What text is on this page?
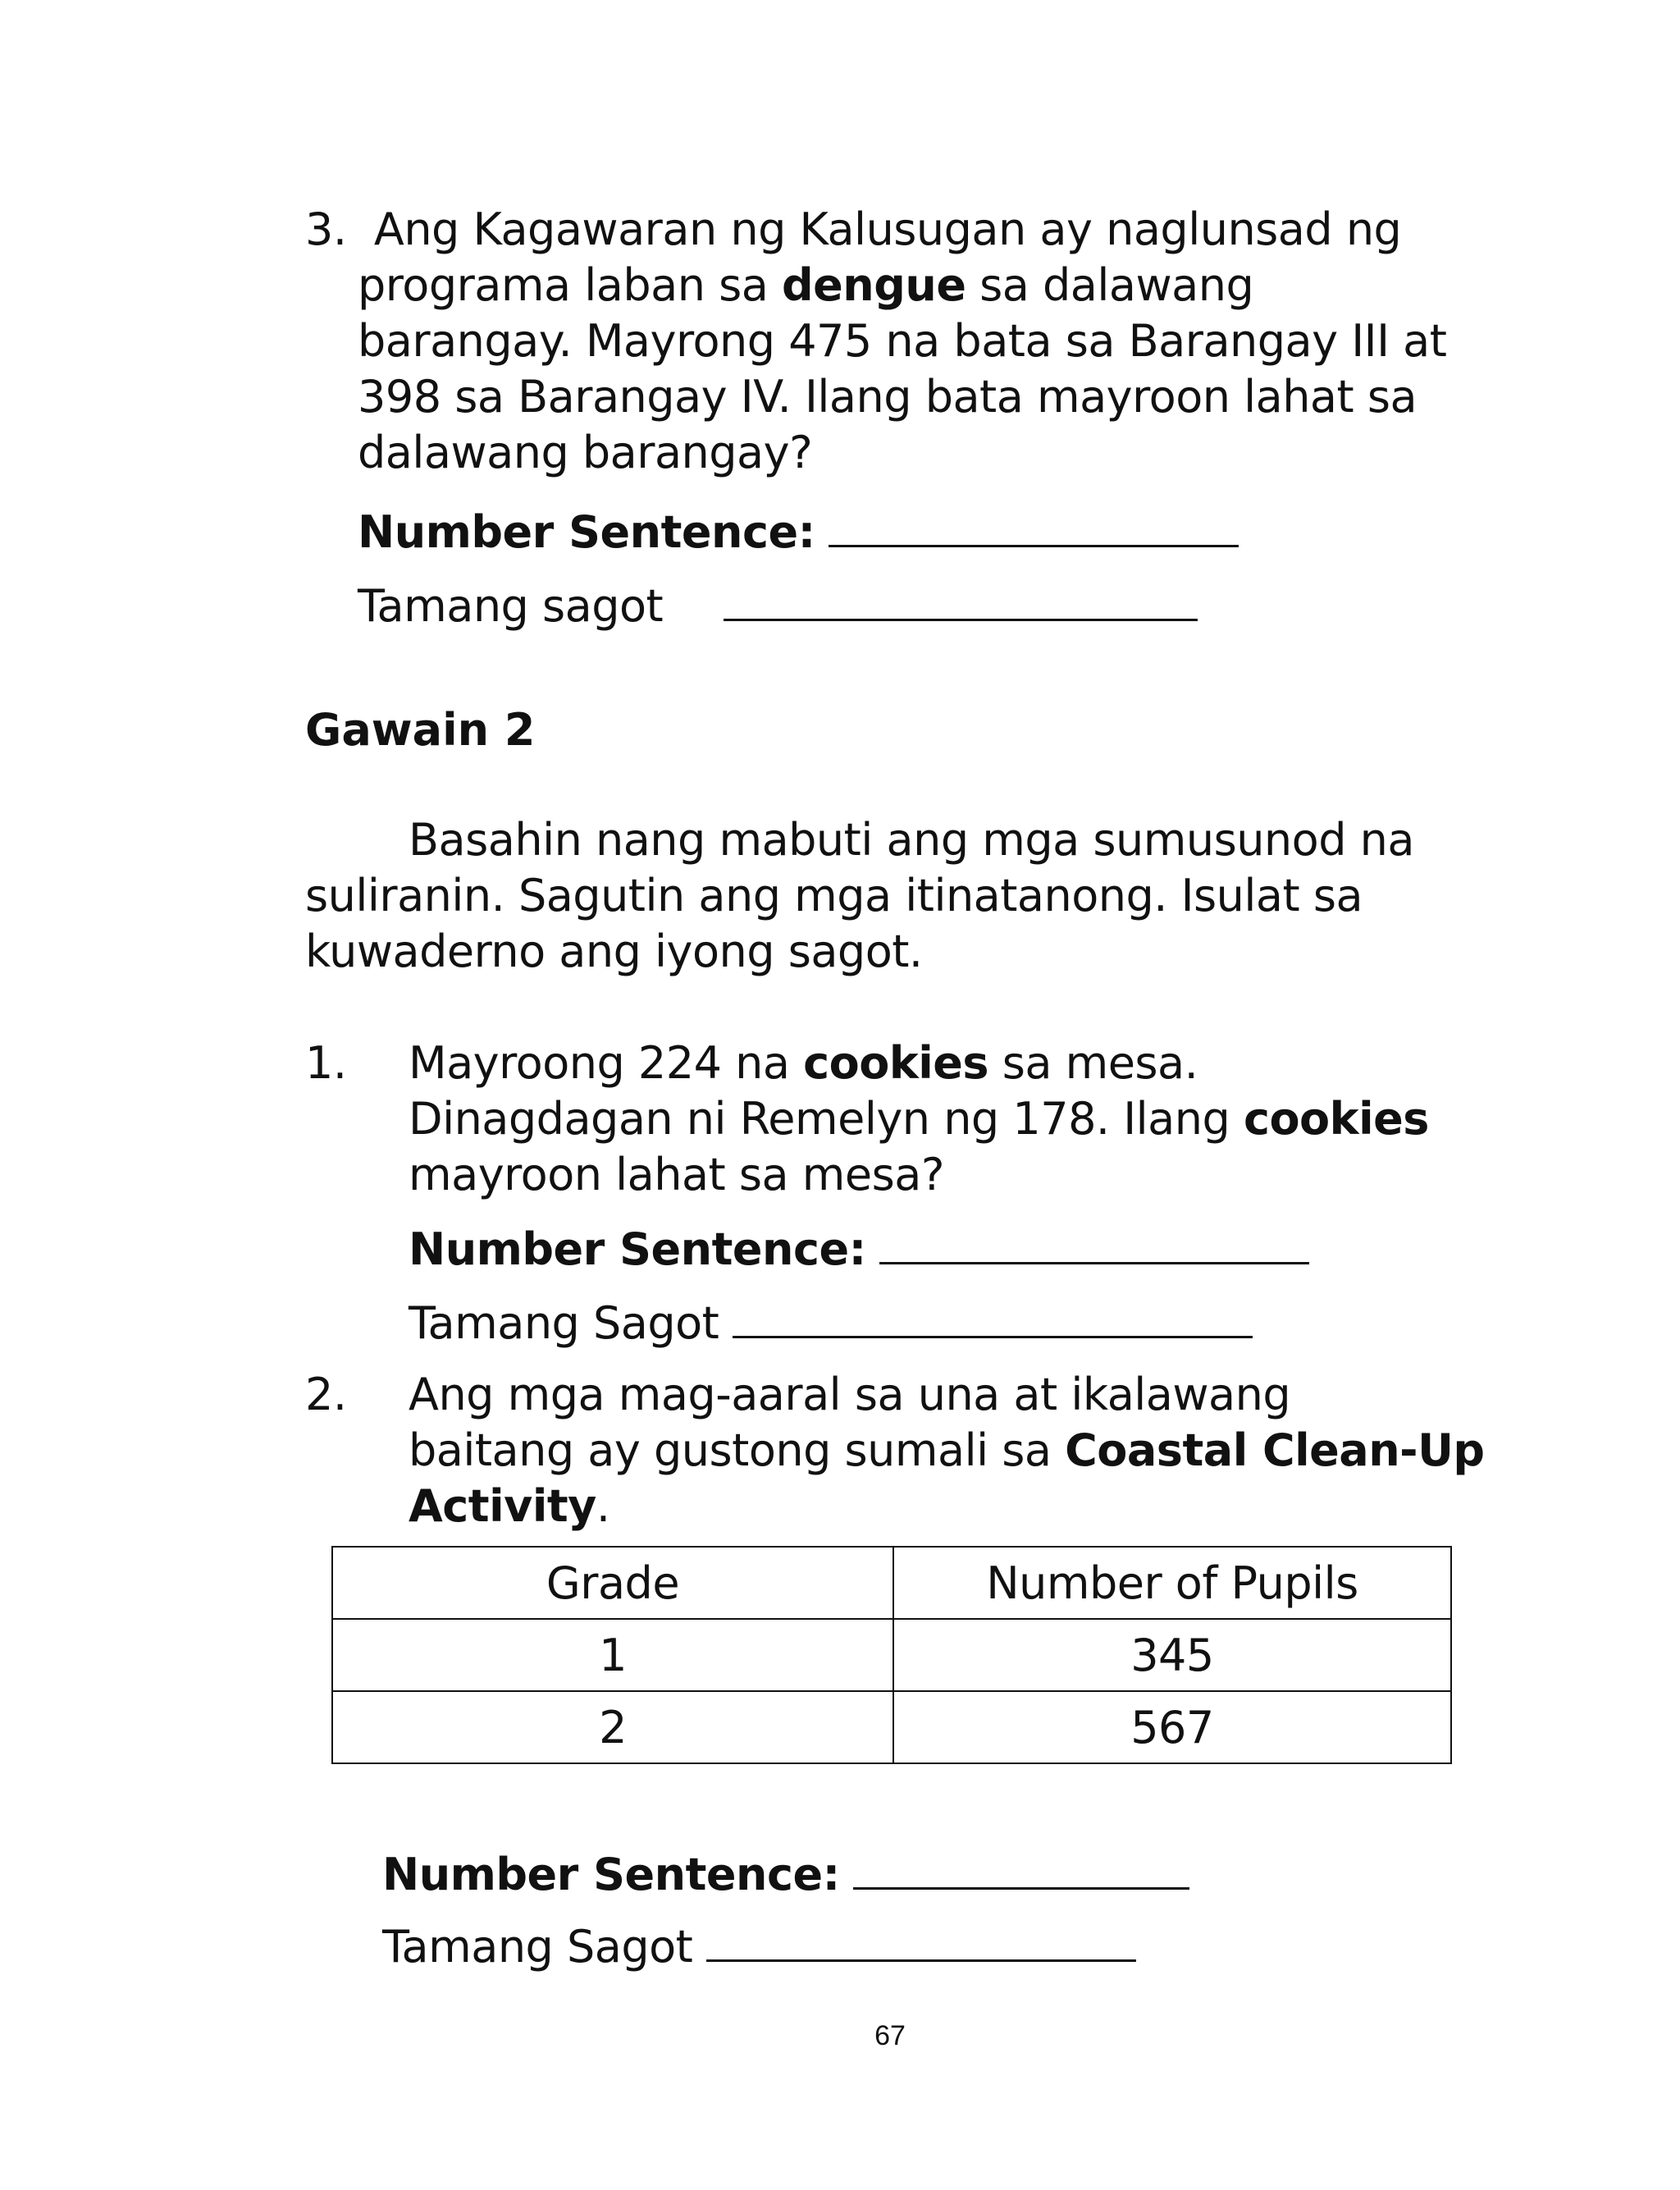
3. Ang Kagawaran ng Kalusugan ay naglunsad ng
programa laban sa dengue sa dalawang
barangay. Mayrong 475 na bata sa Barangay III at
398 sa Barangay IV. Ilang bata mayroon lahat sa
dalawang barangay?
Number Sentence:
Tamang sagot
Gawain 2
Basahin nang mabuti ang mga sumusunod na
suliranin. Sagutin ang mga itinatanong. Isulat sa
kuwaderno ang iyong sagot.
1. Mayroong 224 na cookies sa mesa.
Dinagdagan ni Remelyn ng 178. Ilang cookies
mayroon lahat sa mesa?
Number Sentence:
Tamang Sagot
2. Ang mga mag-aaral sa una at ikalawang
baitang ay gustong sumali sa Coastal Clean-Up
Activity.
Grade	Number of Pupils
1	345
2	567
Number Sentence:
Tamang Sagot
67
